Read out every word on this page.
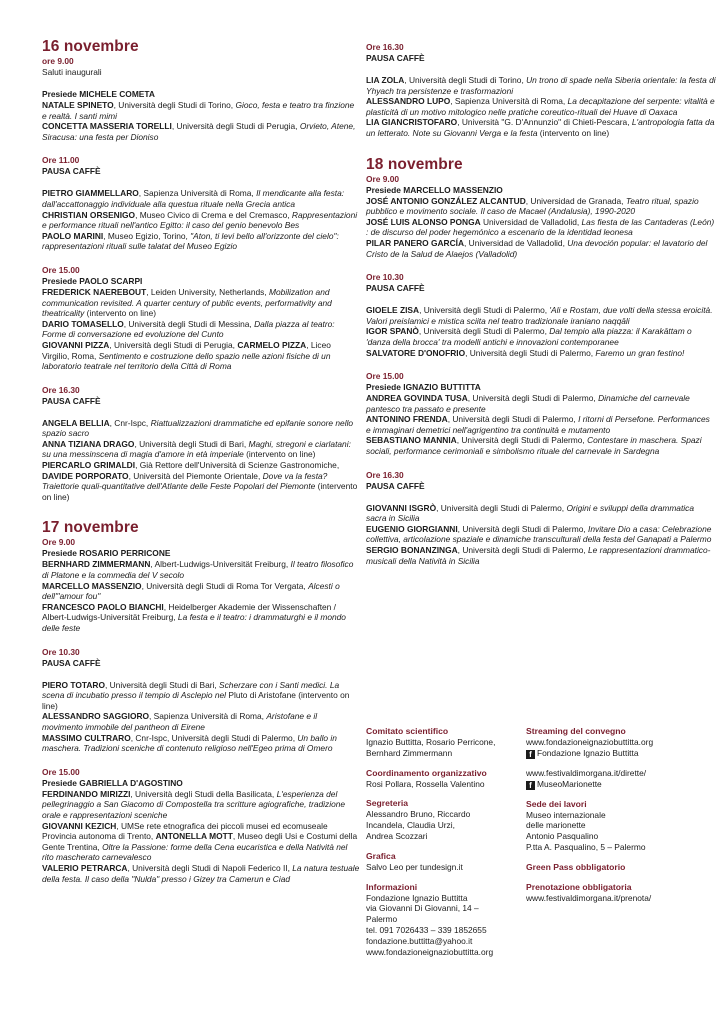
16 novembre
ore 9.00
Saluti inaugurali
Presiede MICHELE COMETA
NATALE SPINETO, Università degli Studi di Torino, Gioco, festa e teatro tra finzione e realtà. I santi mimi
CONCETTA MASSERIA TORELLI, Università degli Studi di Perugia, Orvieto, Atene, Siracusa: una festa per Dioniso
Ore 11.00
PAUSA CAFFÈ
PIETRO GIAMMELLARO, Sapienza Università di Roma, Il mendicante alla festa: dall'accattonaggio individuale alla questua rituale nella Grecia antica
CHRISTIAN ORSENIGO, Museo Civico di Crema e del Cremasco, Rappresentazioni e performance rituali nell'antico Egitto: il caso del genio benevolo Bes
PAOLO MARINI, Museo Egizio, Torino, "Aton, ti levi bello all'orizzonte del cielo": rappresentazioni rituali sulle talatat del Museo Egizio
Ore 15.00
Presiede PAOLO SCARPI
FREDERICK NAEREBOUT, Leiden University, Netherlands, Mobilization and communication revisited. A quarter century of public events, performativity and theatricality (intervento on line)
DARIO TOMASELLO, Università degli Studi di Messina, Dalla piazza al teatro: Forme di conversazione ed evoluzione del Cunto
GIOVANNI PIZZA, Università degli Studi di Perugia, CARMELO PIZZA, Liceo Virgilio, Roma, Sentimento e costruzione dello spazio nelle azioni fisiche di un laboratorio teatrale nel territorio della Città di Roma
Ore 16.30
PAUSA CAFFÈ
ANGELA BELLIA, Cnr-Ispc, Riattualizzazioni drammatiche ed epifanie sonore nello spazio sacro
ANNA TIZIANA DRAGO, Università degli Studi di Bari, Maghi, stregoni e ciarlatani: su una messinscena di magia d'amore in età imperiale (intervento on line)
PIERCARLO GRIMALDI, Già Rettore dell'Università di Scienze Gastronomiche, DAVIDE PORPORATO, Università del Piemonte Orientale, Dove va la festa? Traiettorie quali-quantitative dell'Atlante delle Feste Popolari del Piemonte (intervento on line)
17 novembre
Ore 9.00
Presiede ROSARIO PERRICONE
BERNHARD ZIMMERMANN, Albert-Ludwigs-Universität Freiburg, Il teatro filosofico di Platone e la commedia del V secolo
MARCELLO MASSENZIO, Università degli Studi di Roma Tor Vergata, Alcesti o dell'"amour fou"
FRANCESCO PAOLO BIANCHI, Heidelberger Akademie der Wissenschaften / Albert-Ludwigs-Universität Freiburg, La festa e il teatro: i drammaturghi e il mondo delle feste
Ore 10.30
PAUSA CAFFÈ
PIERO TOTARO, Università degli Studi di Bari, Scherzare con i Santi medici. La scena di incubatio presso il tempio di Asclepio nel Pluto di Aristofane (intervento on line)
ALESSANDRO SAGGIORO, Sapienza Università di Roma, Aristofane e il movimento immobile del pantheon di Eirene
MASSIMO CULTRARO, Cnr-Ispc, Università degli Studi di Palermo, Un ballo in maschera. Tradizioni sceniche di contenuto religioso nell'Egeo prima di Omero
Ore 15.00
Presiede GABRIELLA D'AGOSTINO
FERDINANDO MIRIZZI, Università degli Studi della Basilicata, L'esperienza del pellegrinaggio a San Giacomo di Compostella tra scritture agiografiche, tradizione orale e rappresentazioni sceniche
GIOVANNI KEZICH, UMSe rete etnografica dei piccoli musei ed ecomuseale Provincia autonoma di Trento, ANTONELLA MOTT, Museo degli Usi e Costumi della Gente Trentina, Oltre la Passione: forme della Cena eucaristica e della Natività nel rito mascherato carnevalesco
VALERIO PETRARCA, Università degli Studi di Napoli Federico II, La natura testuale della festa. Il caso della "Nulda" presso i Gizey tra Camerun e Ciad
Ore 16.30
PAUSA CAFFÈ
LIA ZOLA, Università degli Studi di Torino, Un trono di spade nella Siberia orientale: la festa di Yhyach tra persistenze e trasformazioni
ALESSANDRO LUPO, Sapienza Università di Roma, La decapitazione del serpente: vitalità e plasticità di un motivo mitologico nelle pratiche coreutico-rituali dei Huave di Oaxaca
LIA GIANCRISTOFARO, Università "G. D'Annunzio" di Chieti-Pescara, L'antropologia fatta da un letterato. Note su Giovanni Verga e la festa (intervento on line)
18 novembre
Ore 9.00
Presiede MARCELLO MASSENZIO
JOSÉ ANTONIO GONZÁLEZ ALCANTUD, Universidad de Granada, Teatro ritual, spazio pubblico e movimento sociale. Il caso de Macael (Andalusia), 1990-2020
JOSÉ LUIS ALONSO PONGA Universidad de Valladolid, Las fiesta de las Cantaderas (León) : de discurso del poder hegemónico a escenario de la identidad leonesa
PILAR PANERO GARCÍA, Universidad de Valladolid, Una devoción popular: el lavatorio del Cristo de la Salud de Alaejos (Valladolid)
Ore 10.30
PAUSA CAFFÈ
GIOELE ZISA, Università degli Studi di Palermo, 'Ali e Rostam, due volti della stessa eroicità. Valori preislamici e mistica sciita nel teatro tradizionale iraniano naqqāli
IGOR SPANÒ, Università degli Studi di Palermo, Dal tempio alla piazza: il Karakāttam o 'danza della brocca' tra modelli antichi e innovazioni contemporanee
SALVATORE D'ONOFRIO, Università degli Studi di Palermo, Faremo un gran festino!
Ore 15.00
Presiede IGNAZIO BUTTITTA
ANDREA GOVINDA TUSA, Università degli Studi di Palermo, Dinamiche del carnevale pantesco tra passato e presente
ANTONINO FRENDA, Università degli Studi di Palermo, I ritorni di Persefone. Performances e immaginari demetrici nell'agrigentino tra continuità e mutamento
SEBASTIANO MANNIA, Università degli Studi di Palermo, Contestare in maschera. Spazi sociali, performance cerimoniali e simbolismo rituale del carnevale in Sardegna
Ore 16.30
PAUSA CAFFÈ
GIOVANNI ISGRÒ, Università degli Studi di Palermo, Origini e sviluppi della drammatica sacra in Sicilia
EUGENIO GIORGIANNI, Università degli Studi di Palermo, Invitare Dio a casa: Celebrazione collettiva, articolazione spaziale e dinamiche transculturali della festa del Ganapati a Palermo
SERGIO BONANZINGA, Università degli Studi di Palermo, Le rappresentazioni drammatico-musicali della Natività in Sicilia
Comitato scientifico
Ignazio Buttitta, Rosario Perricone,
Bernhard Zimmermann
Coordinamento organizzativo
Rosi Pollara, Rossella Valentino
Segreteria
Alessandro Bruno, Riccardo
Incandela, Claudia Urzi,
Andrea Scozzari
Grafica
Salvo Leo per tundesign.it
Informazioni
Fondazione Ignazio Buttitta
via Giovanni Di Giovanni, 14 –
Palermo
tel. 091 7026433 – 339 1852655
fondazione.buttitta@yahoo.it
www.fondazioneignaziobuttitta.org
Streaming del convegno
www.fondazioneignaziobuttitta.org
f Fondazione Ignazio Buttitta
www.festivaldimorgana.it/dirette/
f MuseoMarionette
Sede dei lavori
Museo internazionale
delle marionette
Antonio Pasqualino
P.tta A. Pasqualino, 5 – Palermo
Green Pass obbligatorio
Prenotazione obbligatoria
www.festivaldimorgana.it/prenota/
